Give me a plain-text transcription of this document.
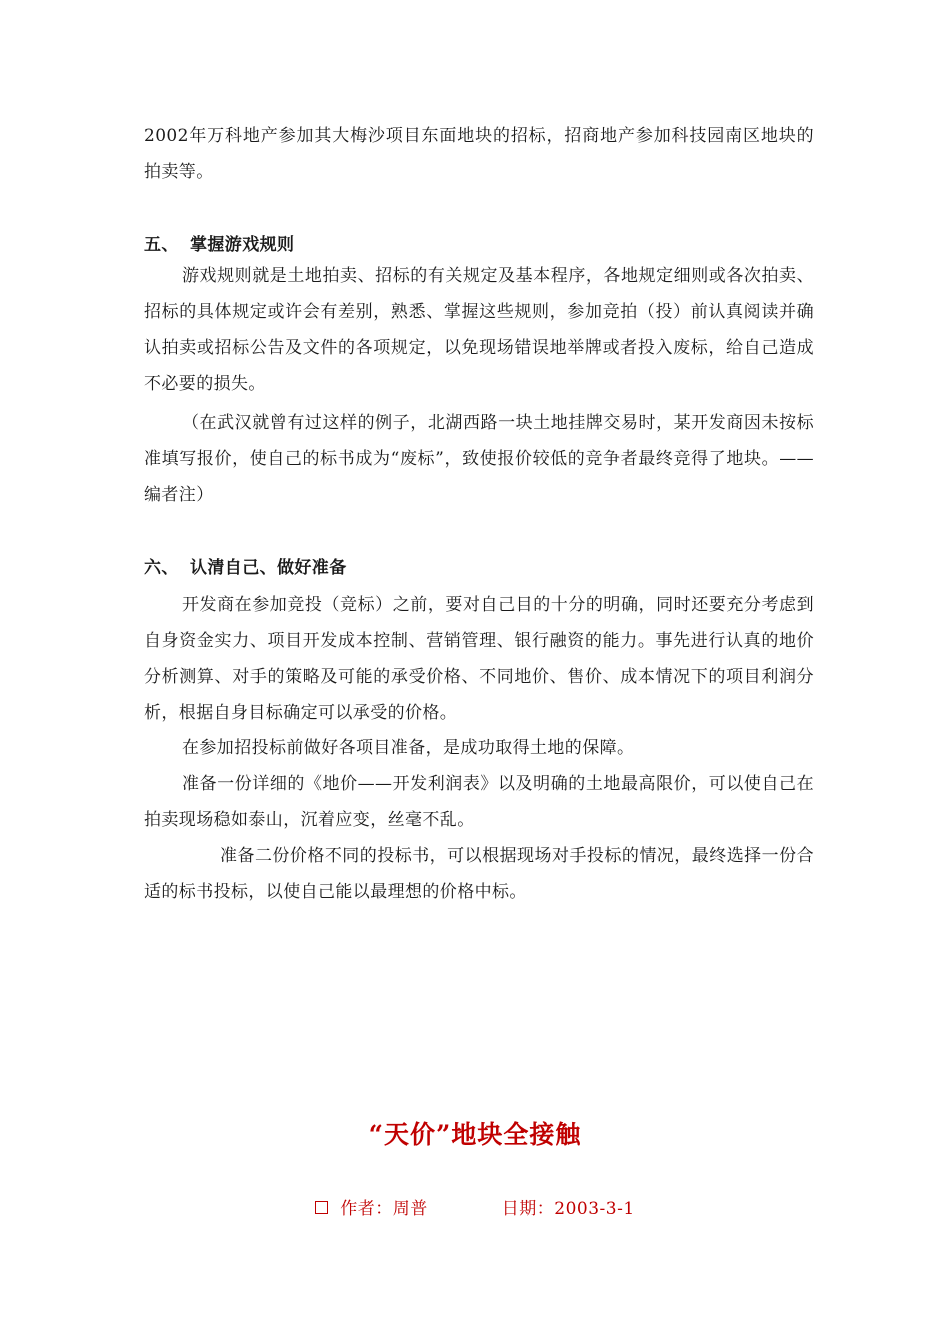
2002年万科地产参加其大梅沙项目东面地块的招标，招商地产参加科技园南区地块的拍卖等。

五、 掌握游戏规则

游戏规则就是土地拍卖、招标的有关规定及基本程序，各地规定细则或各次拍卖、招标的具体规定或许会有差别，熟悉、掌握这些规则，参加竞拍（投）前认真阅读并确认拍卖或招标公告及文件的各项规定，以免现场错误地举牌或者投入废标，给自己造成不必要的损失。

（在武汉就曾有过这样的例子，北湖西路一块土地挂牌交易时，某开发商因未按标准填写报价，使自己的标书成为“废标”，致使报价较低的竞争者最终竞得了地块。——编者注）

六、 认清自己、做好准备

开发商在参加竞投（竞标）之前，要对自己目的十分的明确，同时还要充分考虑到自身资金实力、项目开发成本控制、营销管理、银行融资的能力。事先进行认真的地价分析测算、对手的策略及可能的承受价格、不同地价、售价、成本情况下的项目利润分析，根据自身目标确定可以承受的价格。

在参加招投标前做好各项目准备，是成功取得土地的保障。

准备一份详细的《地价——开发利润表》以及明确的土地最高限价，可以使自己在拍卖现场稳如泰山，沉着应变，丝毫不乱。

准备二份价格不同的投标书，可以根据现场对手投标的情况，最终选择一份合适的标书投标，以使自己能以最理想的价格中标。

“天价”地块全接触
作者：周普	日期：2003-3-1
